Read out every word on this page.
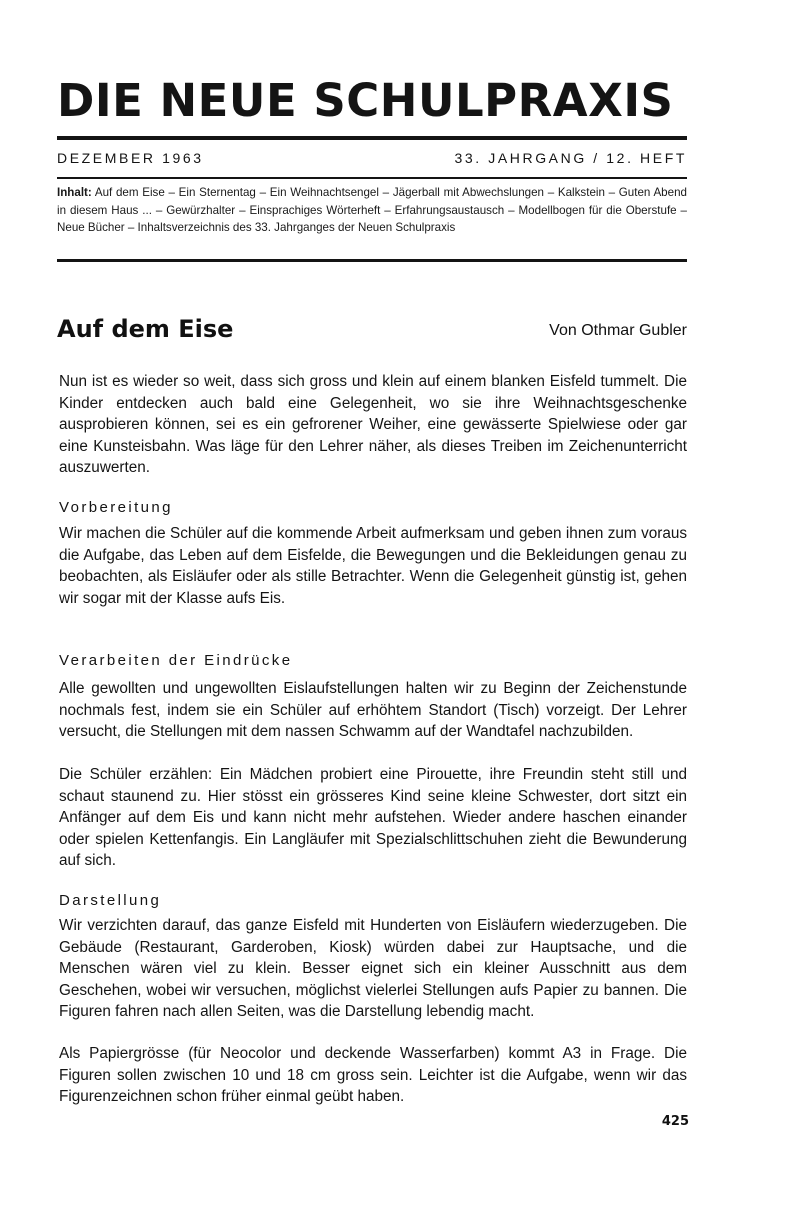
DIE NEUE SCHULPRAXIS
DEZEMBER 1963	33. JAHRGANG / 12. HEFT
Inhalt: Auf dem Eise – Ein Sternentag – Ein Weihnachtsengel – Jägerball mit Abwechslungen – Kalkstein – Guten Abend in diesem Haus ... – Gewürzhalter – Einsprachiges Wörterheft – Erfahrungsaustausch – Modellbogen für die Oberstufe – Neue Bücher – Inhaltsverzeichnis des 33. Jahrganges der Neuen Schulpraxis
Auf dem Eise	Von Othmar Gubler

Nun ist es wieder so weit, dass sich gross und klein auf einem blanken Eisfeld tummelt. Die Kinder entdecken auch bald eine Gelegenheit, wo sie ihre Weihnachtsgeschenke ausprobieren können, sei es ein gefrorener Weiher, eine gewässerte Spielwiese oder gar eine Kunsteisbahn. Was läge für den Lehrer näher, als dieses Treiben im Zeichenunterricht auszuwerten.

Vorbereitung

Wir machen die Schüler auf die kommende Arbeit aufmerksam und geben ihnen zum voraus die Aufgabe, das Leben auf dem Eisfelde, die Bewegungen und die Bekleidungen genau zu beobachten, als Eisläufer oder als stille Betrachter. Wenn die Gelegenheit günstig ist, gehen wir sogar mit der Klasse aufs Eis.

Verarbeiten der Eindrücke

Alle gewollten und ungewollten Eislaufstellungen halten wir zu Beginn der Zeichenstunde nochmals fest, indem sie ein Schüler auf erhöhtem Standort (Tisch) vorzeigt. Der Lehrer versucht, die Stellungen mit dem nassen Schwamm auf der Wandtafel nachzubilden.

Die Schüler erzählen: Ein Mädchen probiert eine Pirouette, ihre Freundin steht still und schaut staunend zu. Hier stösst ein grösseres Kind seine kleine Schwester, dort sitzt ein Anfänger auf dem Eis und kann nicht mehr aufstehen. Wieder andere haschen einander oder spielen Kettenfangis. Ein Langläufer mit Spezialschlittschuhen zieht die Bewunderung auf sich.

Darstellung

Wir verzichten darauf, das ganze Eisfeld mit Hunderten von Eisläufern wiederzugeben. Die Gebäude (Restaurant, Garderoben, Kiosk) würden dabei zur Hauptsache, und die Menschen wären viel zu klein. Besser eignet sich ein kleiner Ausschnitt aus dem Geschehen, wobei wir versuchen, möglichst vielerlei Stellungen aufs Papier zu bannen. Die Figuren fahren nach allen Seiten, was die Darstellung lebendig macht.

Als Papiergrösse (für Neocolor und deckende Wasserfarben) kommt A3 in Frage. Die Figuren sollen zwischen 10 und 18 cm gross sein. Leichter ist die Aufgabe, wenn wir das Figurenzeichnen schon früher einmal geübt haben.

425
